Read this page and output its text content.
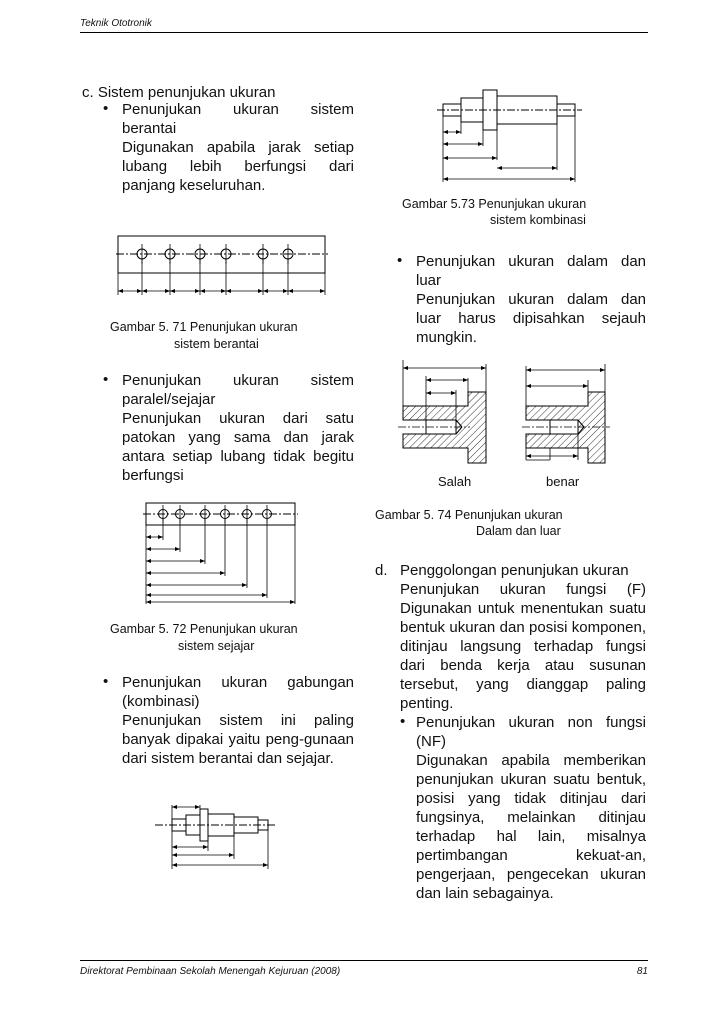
Teknik Ototronik
Direktorat Pembinaan Sekolah Menengah Kejuruan (2008)	81
c. Sistem penunjukan ukuran
• Penunjukan ukuran sistem
berantai
Digunakan apabila jarak setiap lubang lebih berfungsi dari panjang keseluruhan.
Gambar 5. 71 Penunjukan ukuran
sistem berantai
• Penunjukan ukuran sistem
paralel/sejajar
Penunjukan ukuran dari satu patokan yang sama dan jarak antara setiap lubang tidak begitu berfungsi
Gambar 5. 72 Penunjukan ukuran
sistem sejajar
• Penunjukan ukuran gabungan
(kombinasi)
Penunjukan sistem ini paling banyak dipakai yaitu peng-gunaan dari sistem berantai dan sejajar.
Gambar 5.73 Penunjukan ukuran
sistem kombinasi
• Penunjukan ukuran dalam dan luar
Penunjukan ukuran dalam dan luar harus dipisahkan sejauh mungkin.
Salah	benar
Gambar 5. 74 Penunjukan ukuran
Dalam dan luar
d. Penggolongan penunjukan ukuran
Penunjukan ukuran fungsi (F) Digunakan untuk menentukan suatu bentuk ukuran dan posisi komponen, ditinjau langsung terhadap fungsi dari benda kerja atau susunan tersebut, yang dianggap paling penting.
• Penunjukan ukuran non fungsi (NF)
Digunakan apabila memberikan penunjukan ukuran suatu bentuk, posisi yang tidak ditinjau dari fungsinya, melainkan ditinjau terhadap hal lain, misalnya pertimbangan kekuat-an, pengerjaan, pengecekan ukuran dan lain sebagainya.
